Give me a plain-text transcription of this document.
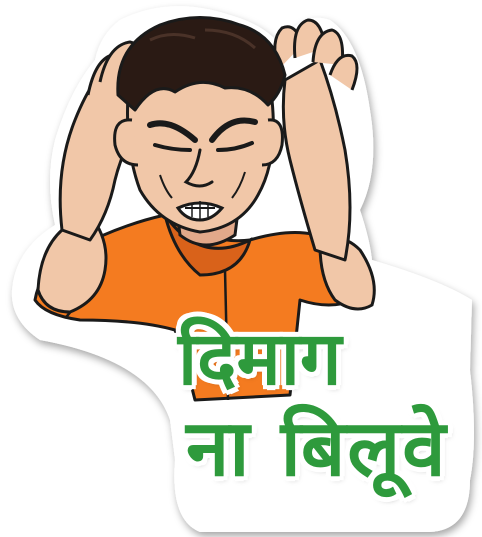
दिमाग

ना बिलूवे
